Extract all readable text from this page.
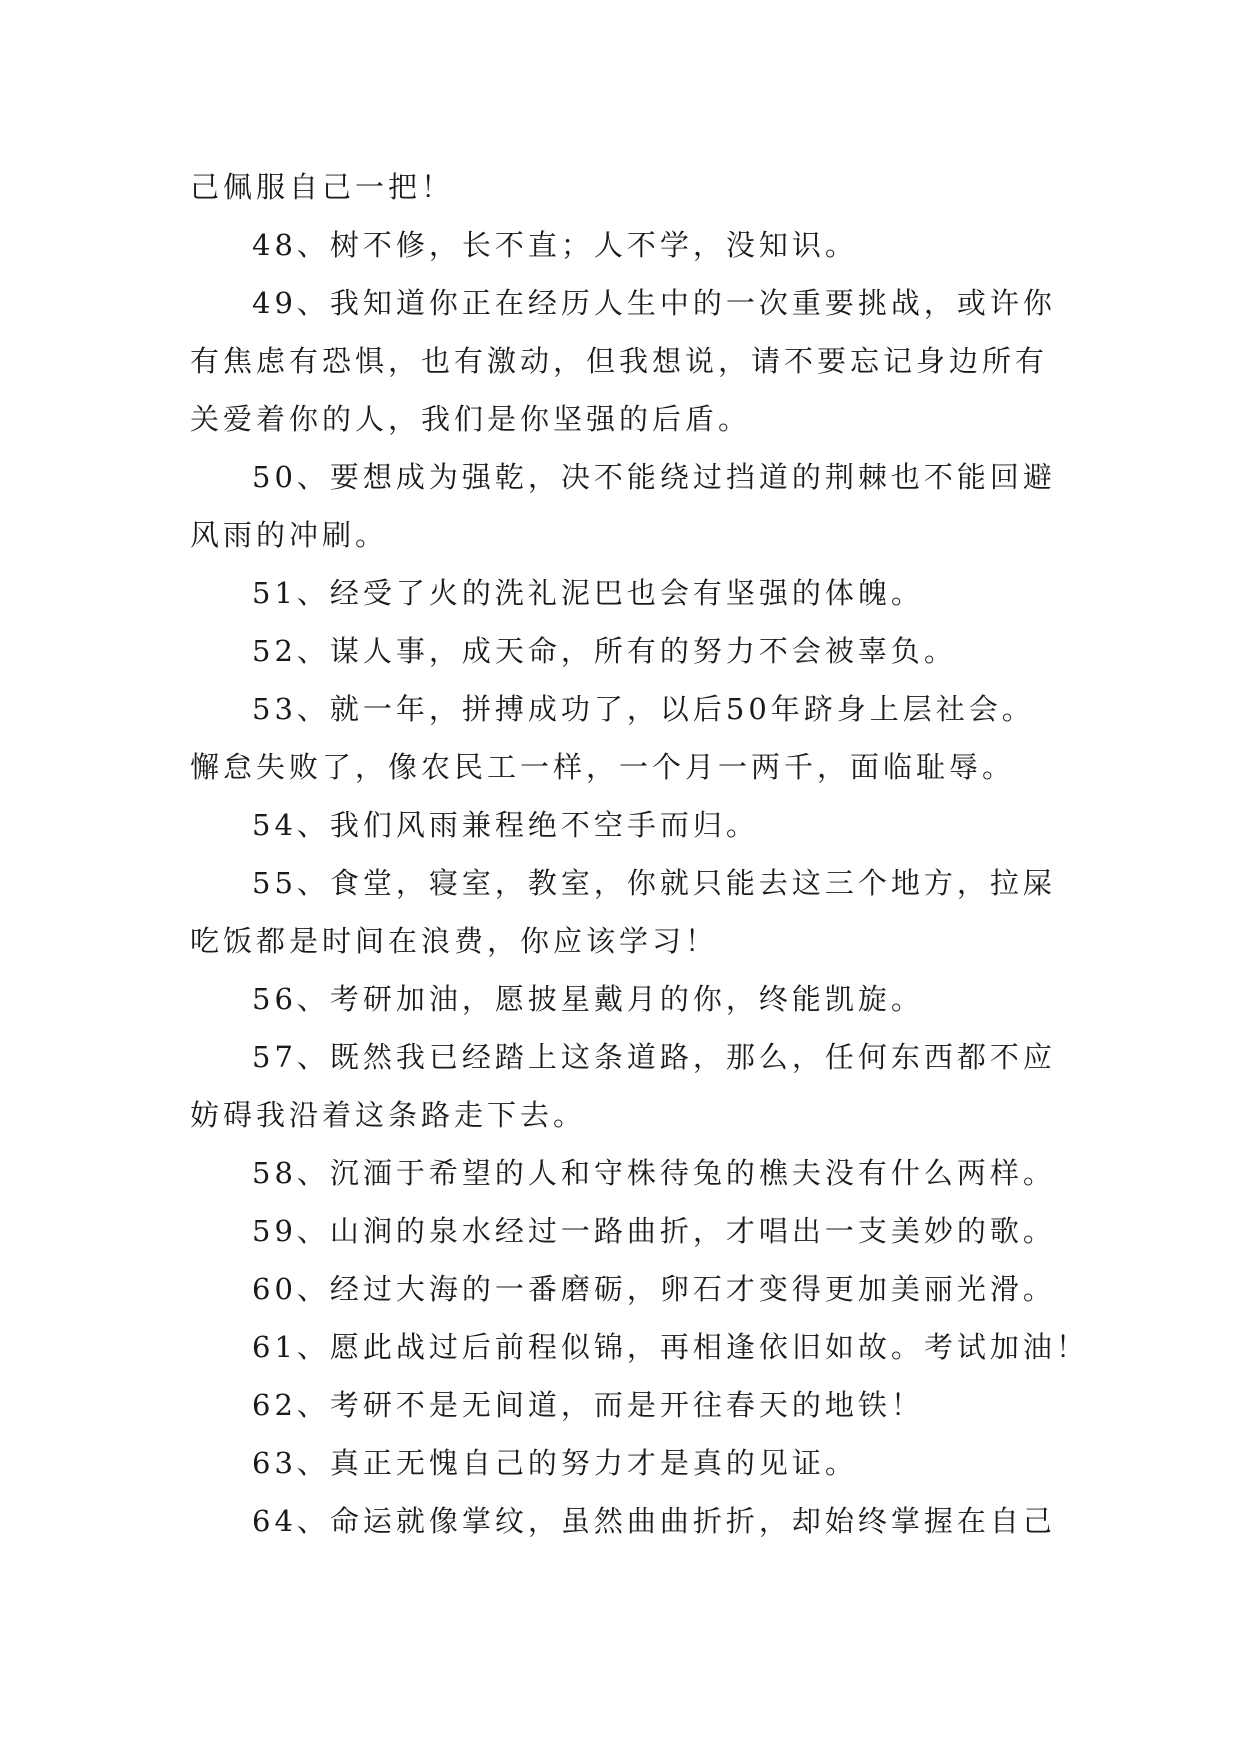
己佩服自己一把！
48、树不修，长不直；人不学，没知识。
49、我知道你正在经历人生中的一次重要挑战，或许你
有焦虑有恐惧，也有激动，但我想说，请不要忘记身边所有
关爱着你的人，我们是你坚强的后盾。
50、要想成为强乾，决不能绕过挡道的荆棘也不能回避
风雨的冲刷。
51、经受了火的洗礼泥巴也会有坚强的体魄。
52、谋人事，成天命，所有的努力不会被辜负。
53、就一年，拼搏成功了，以后50年跻身上层社会。
懈怠失败了，像农民工一样，一个月一两千，面临耻辱。
54、我们风雨兼程绝不空手而归。
55、食堂，寝室，教室，你就只能去这三个地方，拉屎
吃饭都是时间在浪费，你应该学习！
56、考研加油，愿披星戴月的你，终能凯旋。
57、既然我已经踏上这条道路，那么，任何东西都不应
妨碍我沿着这条路走下去。
58、沉湎于希望的人和守株待兔的樵夫没有什么两样。
59、山涧的泉水经过一路曲折，才唱出一支美妙的歌。
60、经过大海的一番磨砺，卵石才变得更加美丽光滑。
61、愿此战过后前程似锦，再相逢依旧如故。考试加油！
62、考研不是无间道，而是开往春天的地铁！
63、真正无愧自己的努力才是真的见证。
64、命运就像掌纹，虽然曲曲折折，却始终掌握在自己
